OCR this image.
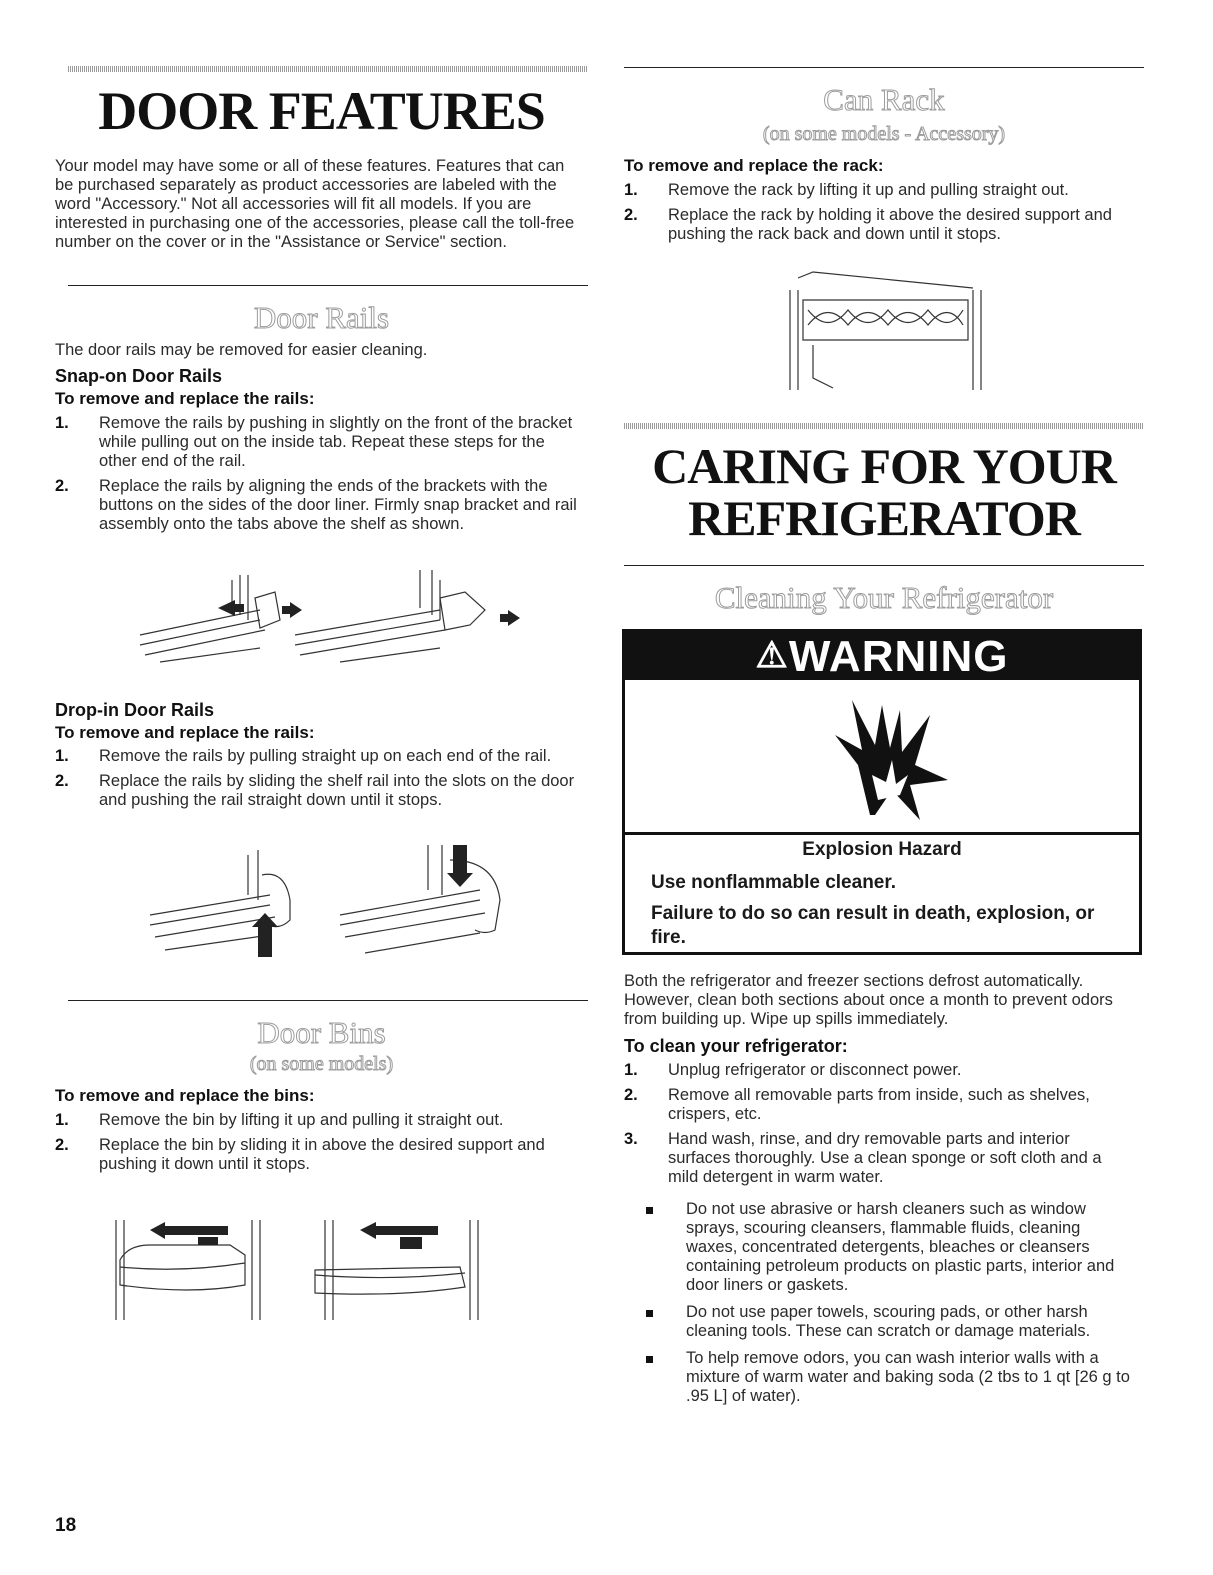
DOOR FEATURES

Your model may have some or all of these features. Features that can be purchased separately as product accessories are labeled with the word "Accessory." Not all accessories will fit all models. If you are interested in purchasing one of the accessories, please call the toll-free number on the cover or in the "Assistance or Service" section.

Door Rails

The door rails may be removed for easier cleaning.

Snap-on Door Rails
To remove and replace the rails:
1. Remove the rails by pushing in slightly on the front of the bracket while pulling out on the inside tab. Repeat these steps for the other end of the rail.
2. Replace the rails by aligning the ends of the brackets with the buttons on the sides of the door liner. Firmly snap bracket and rail assembly onto the tabs above the shelf as shown.
Drop-in Door Rails
To remove and replace the rails:
1. Remove the rails by pulling straight up on each end of the rail.
2. Replace the rails by sliding the shelf rail into the slots on the door and pushing the rail straight down until it stops.
Door Bins
(on some models)
To remove and replace the bins:
1. Remove the bin by lifting it up and pulling it straight out.
2. Replace the bin by sliding it in above the desired support and pushing it down until it stops.
18
Can Rack
(on some models - Accessory)
To remove and replace the rack:
1. Remove the rack by lifting it up and pulling straight out.
2. Replace the rack by holding it above the desired support and pushing the rack back and down until it stops.
CARING FOR YOUR
REFRIGERATOR
Cleaning Your Refrigerator
⚠WARNING
Explosion Hazard
Use nonflammable cleaner.
Failure to do so can result in death, explosion, or fire.

Both the refrigerator and freezer sections defrost automatically. However, clean both sections about once a month to prevent odors from building up. Wipe up spills immediately.

To clean your refrigerator:
1. Unplug refrigerator or disconnect power.
2. Remove all removable parts from inside, such as shelves, crispers, etc.
3. Hand wash, rinse, and dry removable parts and interior surfaces thoroughly. Use a clean sponge or soft cloth and a mild detergent in warm water.
Do not use abrasive or harsh cleaners such as window sprays, scouring cleansers, flammable fluids, cleaning waxes, concentrated detergents, bleaches or cleansers containing petroleum products on plastic parts, interior and door liners or gaskets.
Do not use paper towels, scouring pads, or other harsh cleaning tools. These can scratch or damage materials.
To help remove odors, you can wash interior walls with a mixture of warm water and baking soda (2 tbs to 1 qt [26 g to .95 L] of water).
